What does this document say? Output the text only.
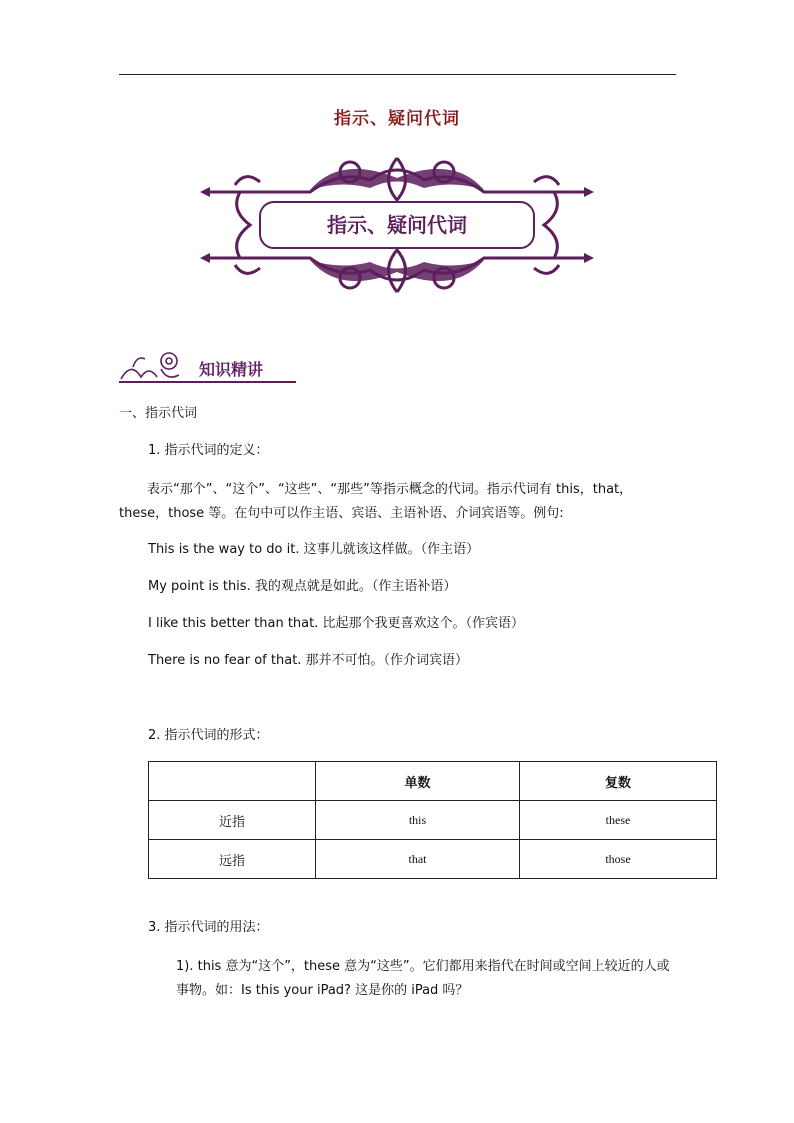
指示、疑问代词
指示、疑问代词
知识精讲
一、指示代词
1. 指示代词的定义：
表示“那个”、“这个”、“这些”、“那些”等指示概念的代词。指示代词有 this，that，these，those 等。在句中可以作主语、宾语、主语补语、介词宾语等。例句:
This is the way to do it. 这事儿就该这样做。（作主语）
My point is this. 我的观点就是如此。（作主语补语）
I like this better than that. 比起那个我更喜欢这个。（作宾语）
There is no fear of that. 那并不可怕。（作介词宾语）
2. 指示代词的形式：
	单数	复数
近指	this	these
远指	that	those
3. 指示代词的用法：
1). this 意为“这个”，these 意为“这些”。它们都用来指代在时间或空间上较近的人或事物。如：Is this your iPad? 这是你的 iPad 吗？
